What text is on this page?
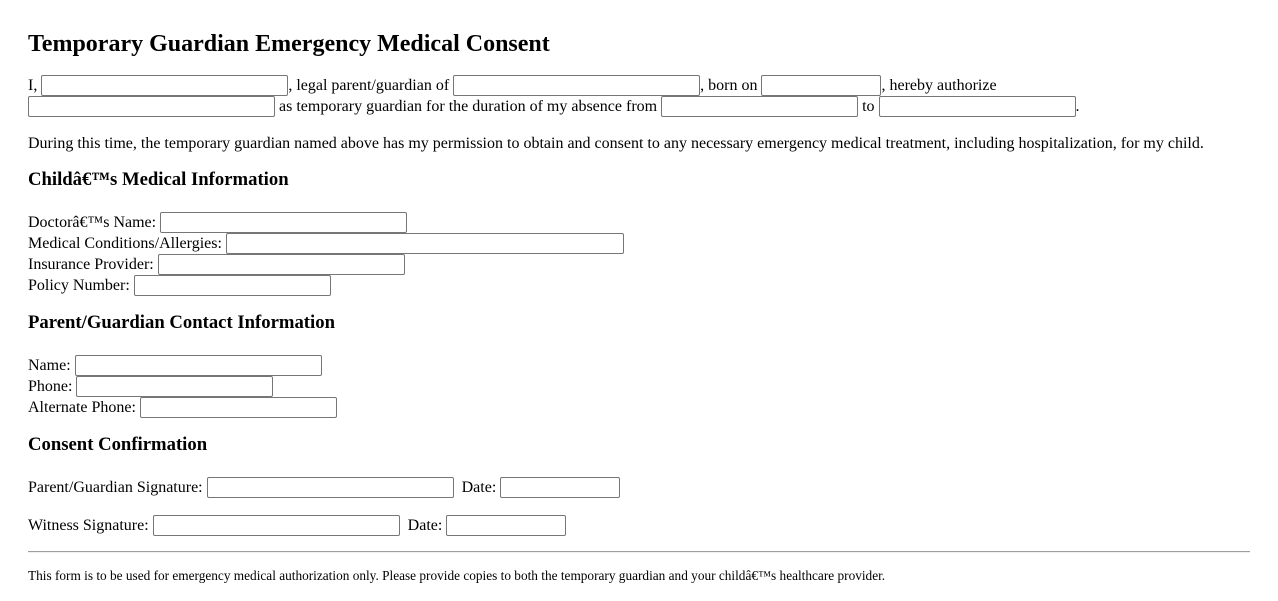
Temporary Guardian Emergency Medical Consent

I,	, legal parent/guardian of	, born on	, hereby authorize
as temporary guardian for the duration of my absence from	to	.

During this time, the temporary guardian named above has my permission to obtain and consent to any necessary emergency medical treatment, including hospitalization, for my child.

Childâ€™s Medical Information
Doctorâ€™s Name:
Medical Conditions/Allergies:
Insurance Provider:
Policy Number:
Parent/Guardian Contact Information
Name:
Phone:
Alternate Phone:
Consent Confirmation

Parent/Guardian Signature:	Date:

Witness Signature:	Date:

This form is to be used for emergency medical authorization only. Please provide copies to both the temporary guardian and your childâ€™s healthcare provider.
